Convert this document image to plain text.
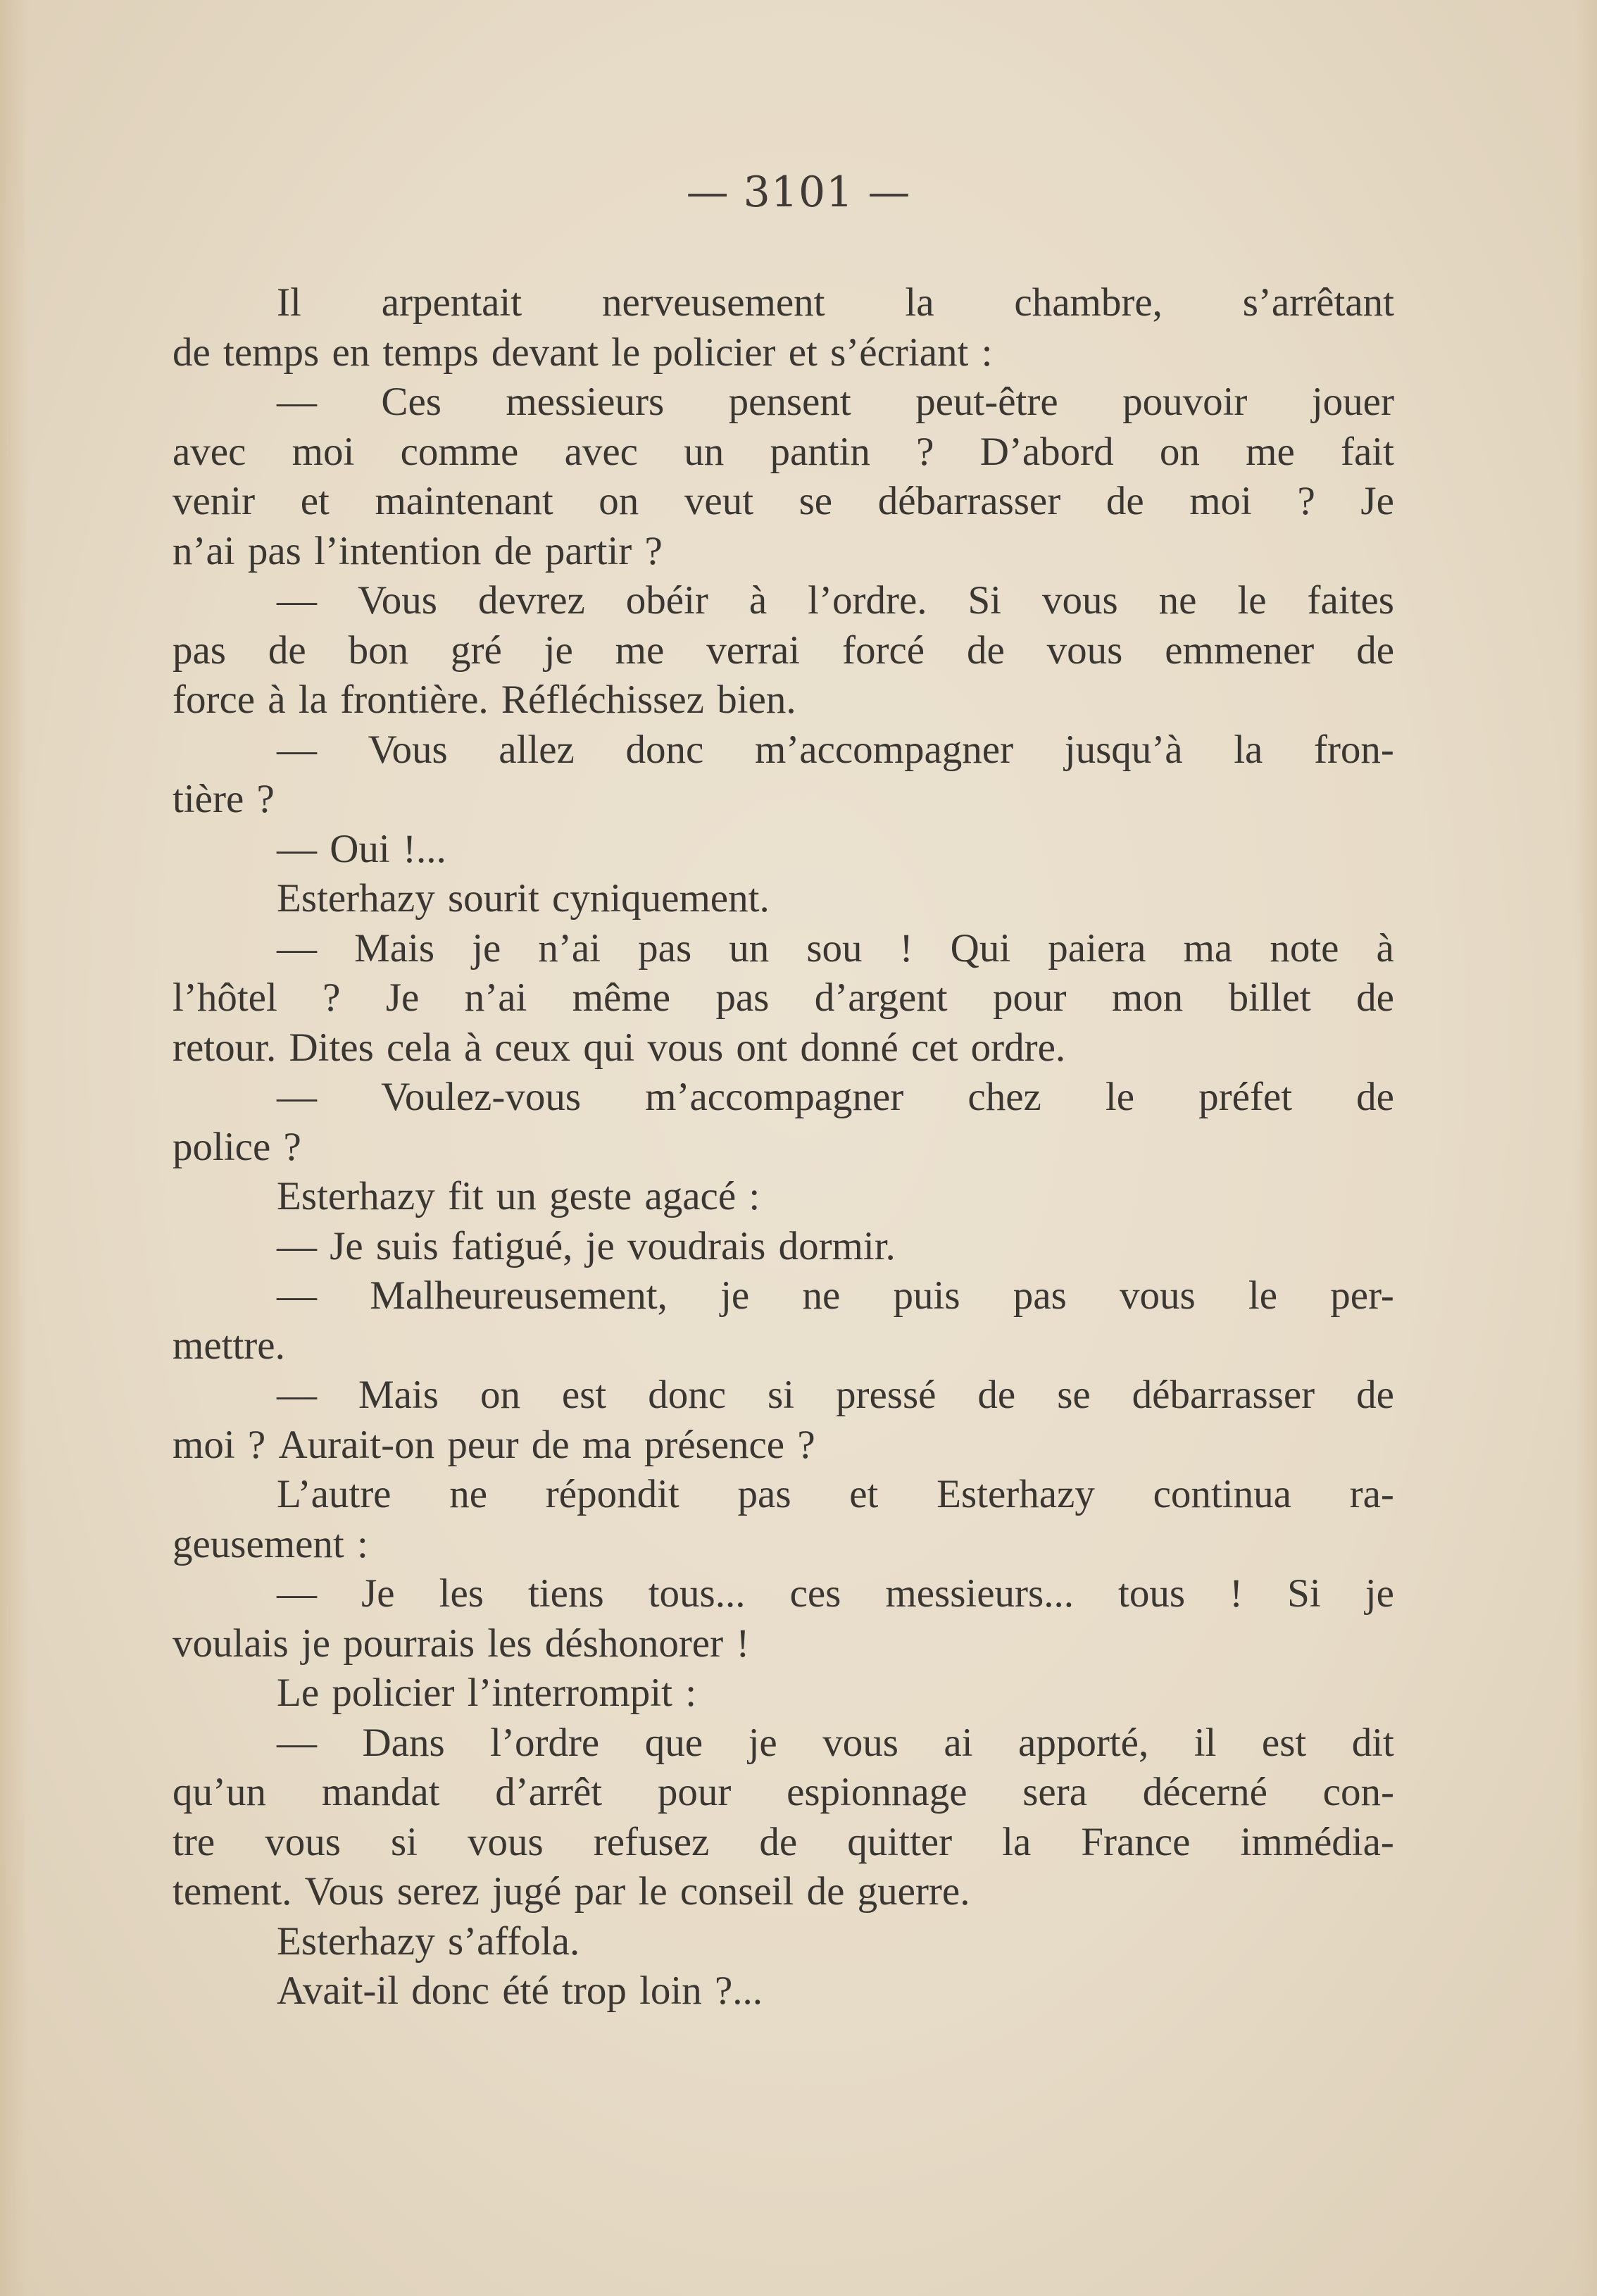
— 3101 —
Il arpentait nerveusement la chambre, s’arrêtant
de temps en temps devant le policier et s’écriant :
— Ces messieurs pensent peut-être pouvoir jouer
avec moi comme avec un pantin ? D’abord on me fait
venir et maintenant on veut se débarrasser de moi ? Je
n’ai pas l’intention de partir ?
— Vous devrez obéir à l’ordre. Si vous ne le faites
pas de bon gré je me verrai forcé de vous emmener de
force à la frontière. Réfléchissez bien.
— Vous allez donc m’accompagner jusqu’à la fron-
tière ?
— Oui !...
Esterhazy sourit cyniquement.
— Mais je n’ai pas un sou ! Qui paiera ma note à
l’hôtel ? Je n’ai même pas d’argent pour mon billet de
retour. Dites cela à ceux qui vous ont donné cet ordre.
— Voulez-vous m’accompagner chez le préfet de
police ?
Esterhazy fit un geste agacé :
— Je suis fatigué, je voudrais dormir.
— Malheureusement, je ne puis pas vous le per-
mettre.
— Mais on est donc si pressé de se débarrasser de
moi ? Aurait-on peur de ma présence ?
L’autre ne répondit pas et Esterhazy continua ra-
geusement :
— Je les tiens tous... ces messieurs... tous ! Si je
voulais je pourrais les déshonorer !
Le policier l’interrompit :
— Dans l’ordre que je vous ai apporté, il est dit
qu’un mandat d’arrêt pour espionnage sera décerné con-
tre vous si vous refusez de quitter la France immédia-
tement. Vous serez jugé par le conseil de guerre.
Esterhazy s’affola.
Avait-il donc été trop loin ?...
